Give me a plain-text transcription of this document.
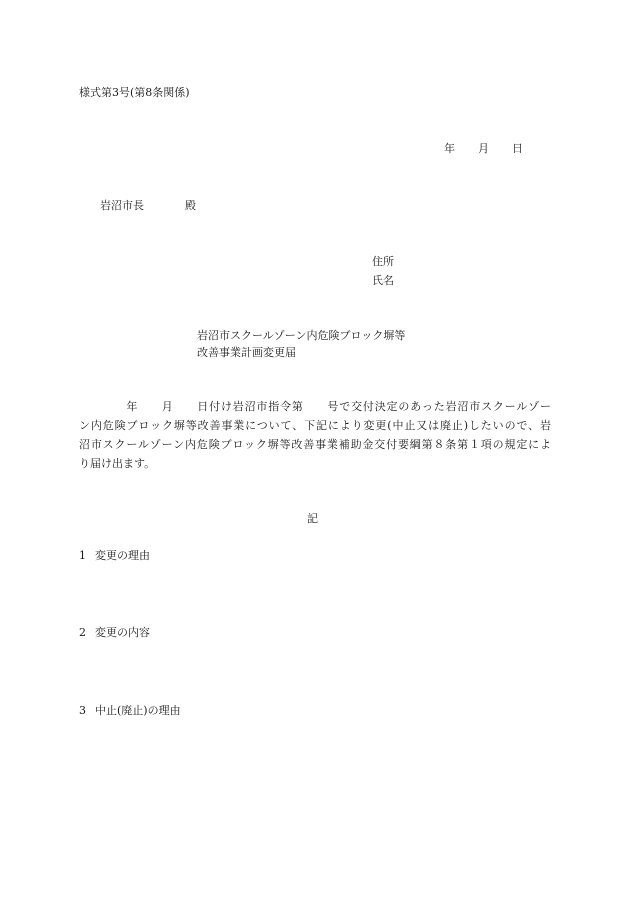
様式第3号(第8条関係)
年 月 日
岩沼市長	殿
住所
氏名
岩沼市スクールゾーン内危険ブロック塀等
改善事業計画変更届
　　　　年　　月　　日付け岩沼市指令第　　号で交付決定のあった岩沼市スクールゾー
ン内危険ブロック塀等改善事業について、下記により変更(中止又は廃止)したいので、岩
沼市スクールゾーン内危険ブロック塀等改善事業補助金交付要綱第８条第１項の規定によ
り届け出ます。
記
1 変更の理由
2 変更の内容
3 中止(廃止)の理由
